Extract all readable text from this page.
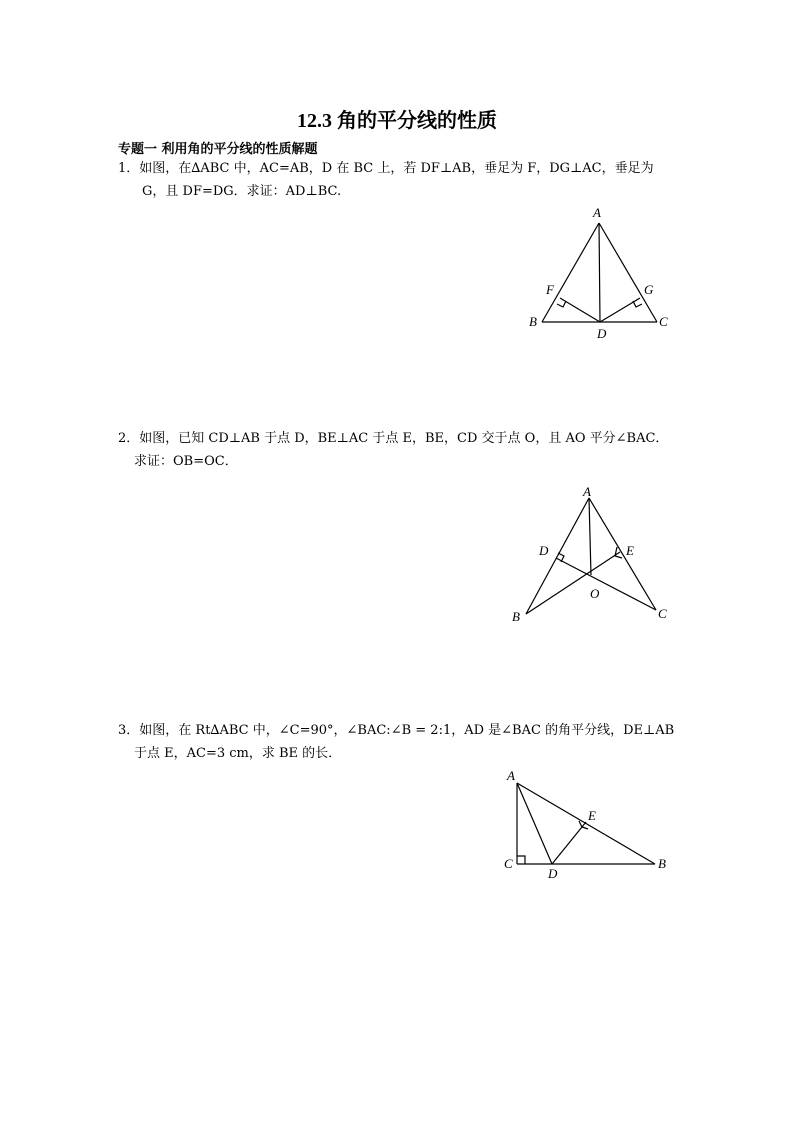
12.3 角的平分线的性质
专题一 利用角的平分线的性质解题
1．如图，在∆ABC 中，AC=AB，D 在 BC 上，若 DF⊥AB，垂足为 F，DG⊥AC，垂足为
G，且 DF=DG．求证：AD⊥BC.
A
F	G
B
D
C
2．如图，已知 CD⊥AB 于点 D，BE⊥AC 于点 E，BE，CD 交于点 O，且 AO 平分∠BAC．
求证：OB=OC．
A
D	E
O
B	C
3．如图，在 Rt∆ABC 中，∠C=90°，∠BAC:∠B = 2:1，AD 是∠BAC 的角平分线，DE⊥AB
于点 E，AC=3 cm，求 BE 的长．
A
E
C
D
B
